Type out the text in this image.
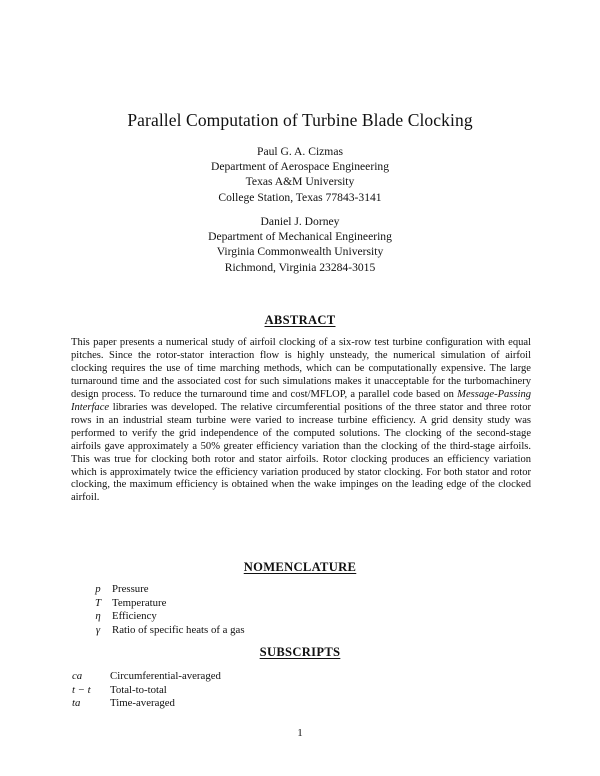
Parallel Computation of Turbine Blade Clocking
Paul G. A. Cizmas
Department of Aerospace Engineering
Texas A&M University
College Station, Texas 77843-3141
Daniel J. Dorney
Department of Mechanical Engineering
Virginia Commonwealth University
Richmond, Virginia 23284-3015
ABSTRACT

This paper presents a numerical study of airfoil clocking of a six-row test turbine configuration with equal pitches. Since the rotor-stator interaction flow is highly unsteady, the numerical simulation of airfoil clocking requires the use of time marching methods, which can be computationally expensive. The large turnaround time and the associated cost for such simulations makes it unacceptable for the turbomachinery design process. To reduce the turnaround time and cost/MFLOP, a parallel code based on Message-Passing Interface libraries was developed. The relative circumferential positions of the three stator and three rotor rows in an industrial steam turbine were varied to increase turbine efficiency. A grid density study was performed to verify the grid independence of the computed solutions. The clocking of the second-stage airfoils gave approximately a 50% greater efficiency variation than the clocking of the third-stage airfoils. This was true for clocking both rotor and stator airfoils. Rotor clocking produces an efficiency variation which is approximately twice the efficiency variation produced by stator clocking. For both stator and rotor clocking, the maximum efficiency is obtained when the wake impinges on the leading edge of the clocked airfoil.

NOMENCLATURE
p	Pressure
T	Temperature
η	Efficiency
γ	Ratio of specific heats of a gas
SUBSCRIPTS
ca	Circumferential-averaged
t − t	Total-to-total
ta	Time-averaged
1
